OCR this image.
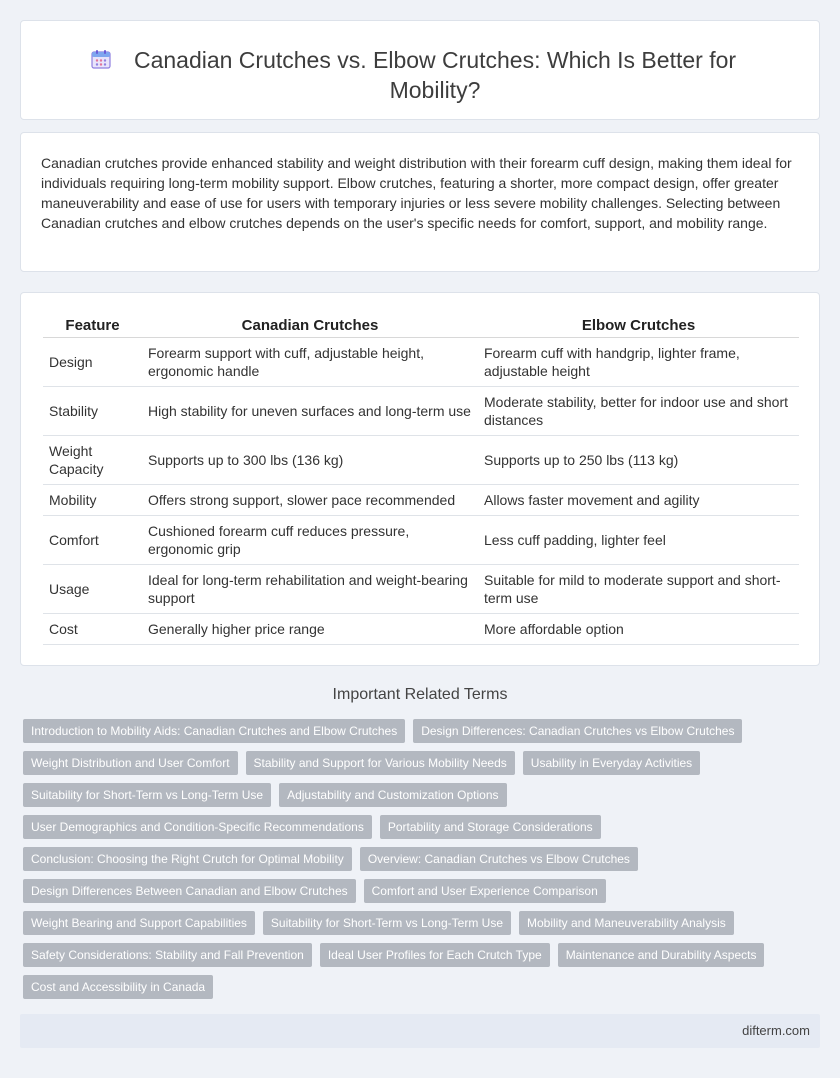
Canadian Crutches vs. Elbow Crutches: Which Is Better for Mobility?

Canadian crutches provide enhanced stability and weight distribution with their forearm cuff design, making them ideal for individuals requiring long-term mobility support. Elbow crutches, featuring a shorter, more compact design, offer greater maneuverability and ease of use for users with temporary injuries or less severe mobility challenges. Selecting between Canadian crutches and elbow crutches depends on the user's specific needs for comfort, support, and mobility range.

Feature	Canadian Crutches	Elbow Crutches
Design	Forearm support with cuff, adjustable height, ergonomic handle	Forearm cuff with handgrip, lighter frame, adjustable height
Stability	High stability for uneven surfaces and long-term use	Moderate stability, better for indoor use and short distances
Weight Capacity	Supports up to 300 lbs (136 kg)	Supports up to 250 lbs (113 kg)
Mobility	Offers strong support, slower pace recommended	Allows faster movement and agility
Comfort	Cushioned forearm cuff reduces pressure, ergonomic grip	Less cuff padding, lighter feel
Usage	Ideal for long-term rehabilitation and weight-bearing support	Suitable for mild to moderate support and short-term use
Cost	Generally higher price range	More affordable option
Important Related Terms
Introduction to Mobility Aids: Canadian Crutches and Elbow Crutches	Design Differences: Canadian Crutches vs Elbow Crutches
Weight Distribution and User Comfort	Stability and Support for Various Mobility Needs	Usability in Everyday Activities
Suitability for Short-Term vs Long-Term Use	Adjustability and Customization Options
User Demographics and Condition-Specific Recommendations	Portability and Storage Considerations
Conclusion: Choosing the Right Crutch for Optimal Mobility	Overview: Canadian Crutches vs Elbow Crutches
Design Differences Between Canadian and Elbow Crutches	Comfort and User Experience Comparison
Weight Bearing and Support Capabilities	Suitability for Short-Term vs Long-Term Use	Mobility and Maneuverability Analysis
Safety Considerations: Stability and Fall Prevention	Ideal User Profiles for Each Crutch Type	Maintenance and Durability Aspects
Cost and Accessibility in Canada
difterm.com
